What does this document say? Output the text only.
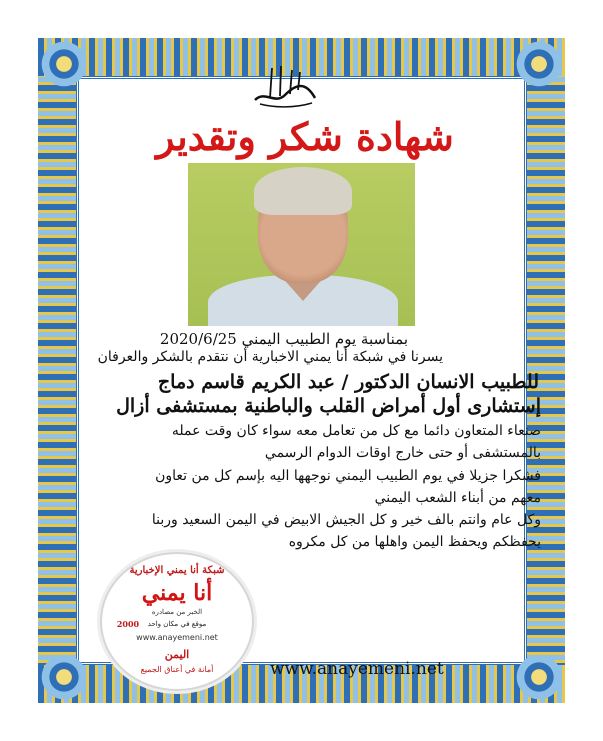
شهادة شكر وتقدير
بمناسبة يوم الطبيب اليمني 2020/6/25
يسرنا في شبكة أنا يمني الاخبارية أن نتقدم بالشكر والعرفان
للطبيب الانسان الدكتور / عبد الكريم قاسم دماج
إستشارى أول أمراض القلب والباطنية بمستشفى أزال
صنعاء المتعاون دائما مع كل من تعامل معه سواء كان وقت عمله
بالمستشفى أو حتى خارج اوقات الدوام الرسمي
فشكرا جزيلا في يوم الطبيب اليمني نوجهها اليه بإسم كل من تعاون
معهم من أبناء الشعب اليمني
وكل عام وانتم بالف خير و كل الجيش الابيض في اليمن السعيد وربنا
يحفظكم ويحفظ اليمن واهلها من كل مكروه
شبكة أنا يمني الإخبارية
أنا يمني
الخبر من مصادره
موقع في مكان واحد
2000
www.anayemeni.net
اليمن
أمانة في أعناق الجميع	www.anayemeni.net
